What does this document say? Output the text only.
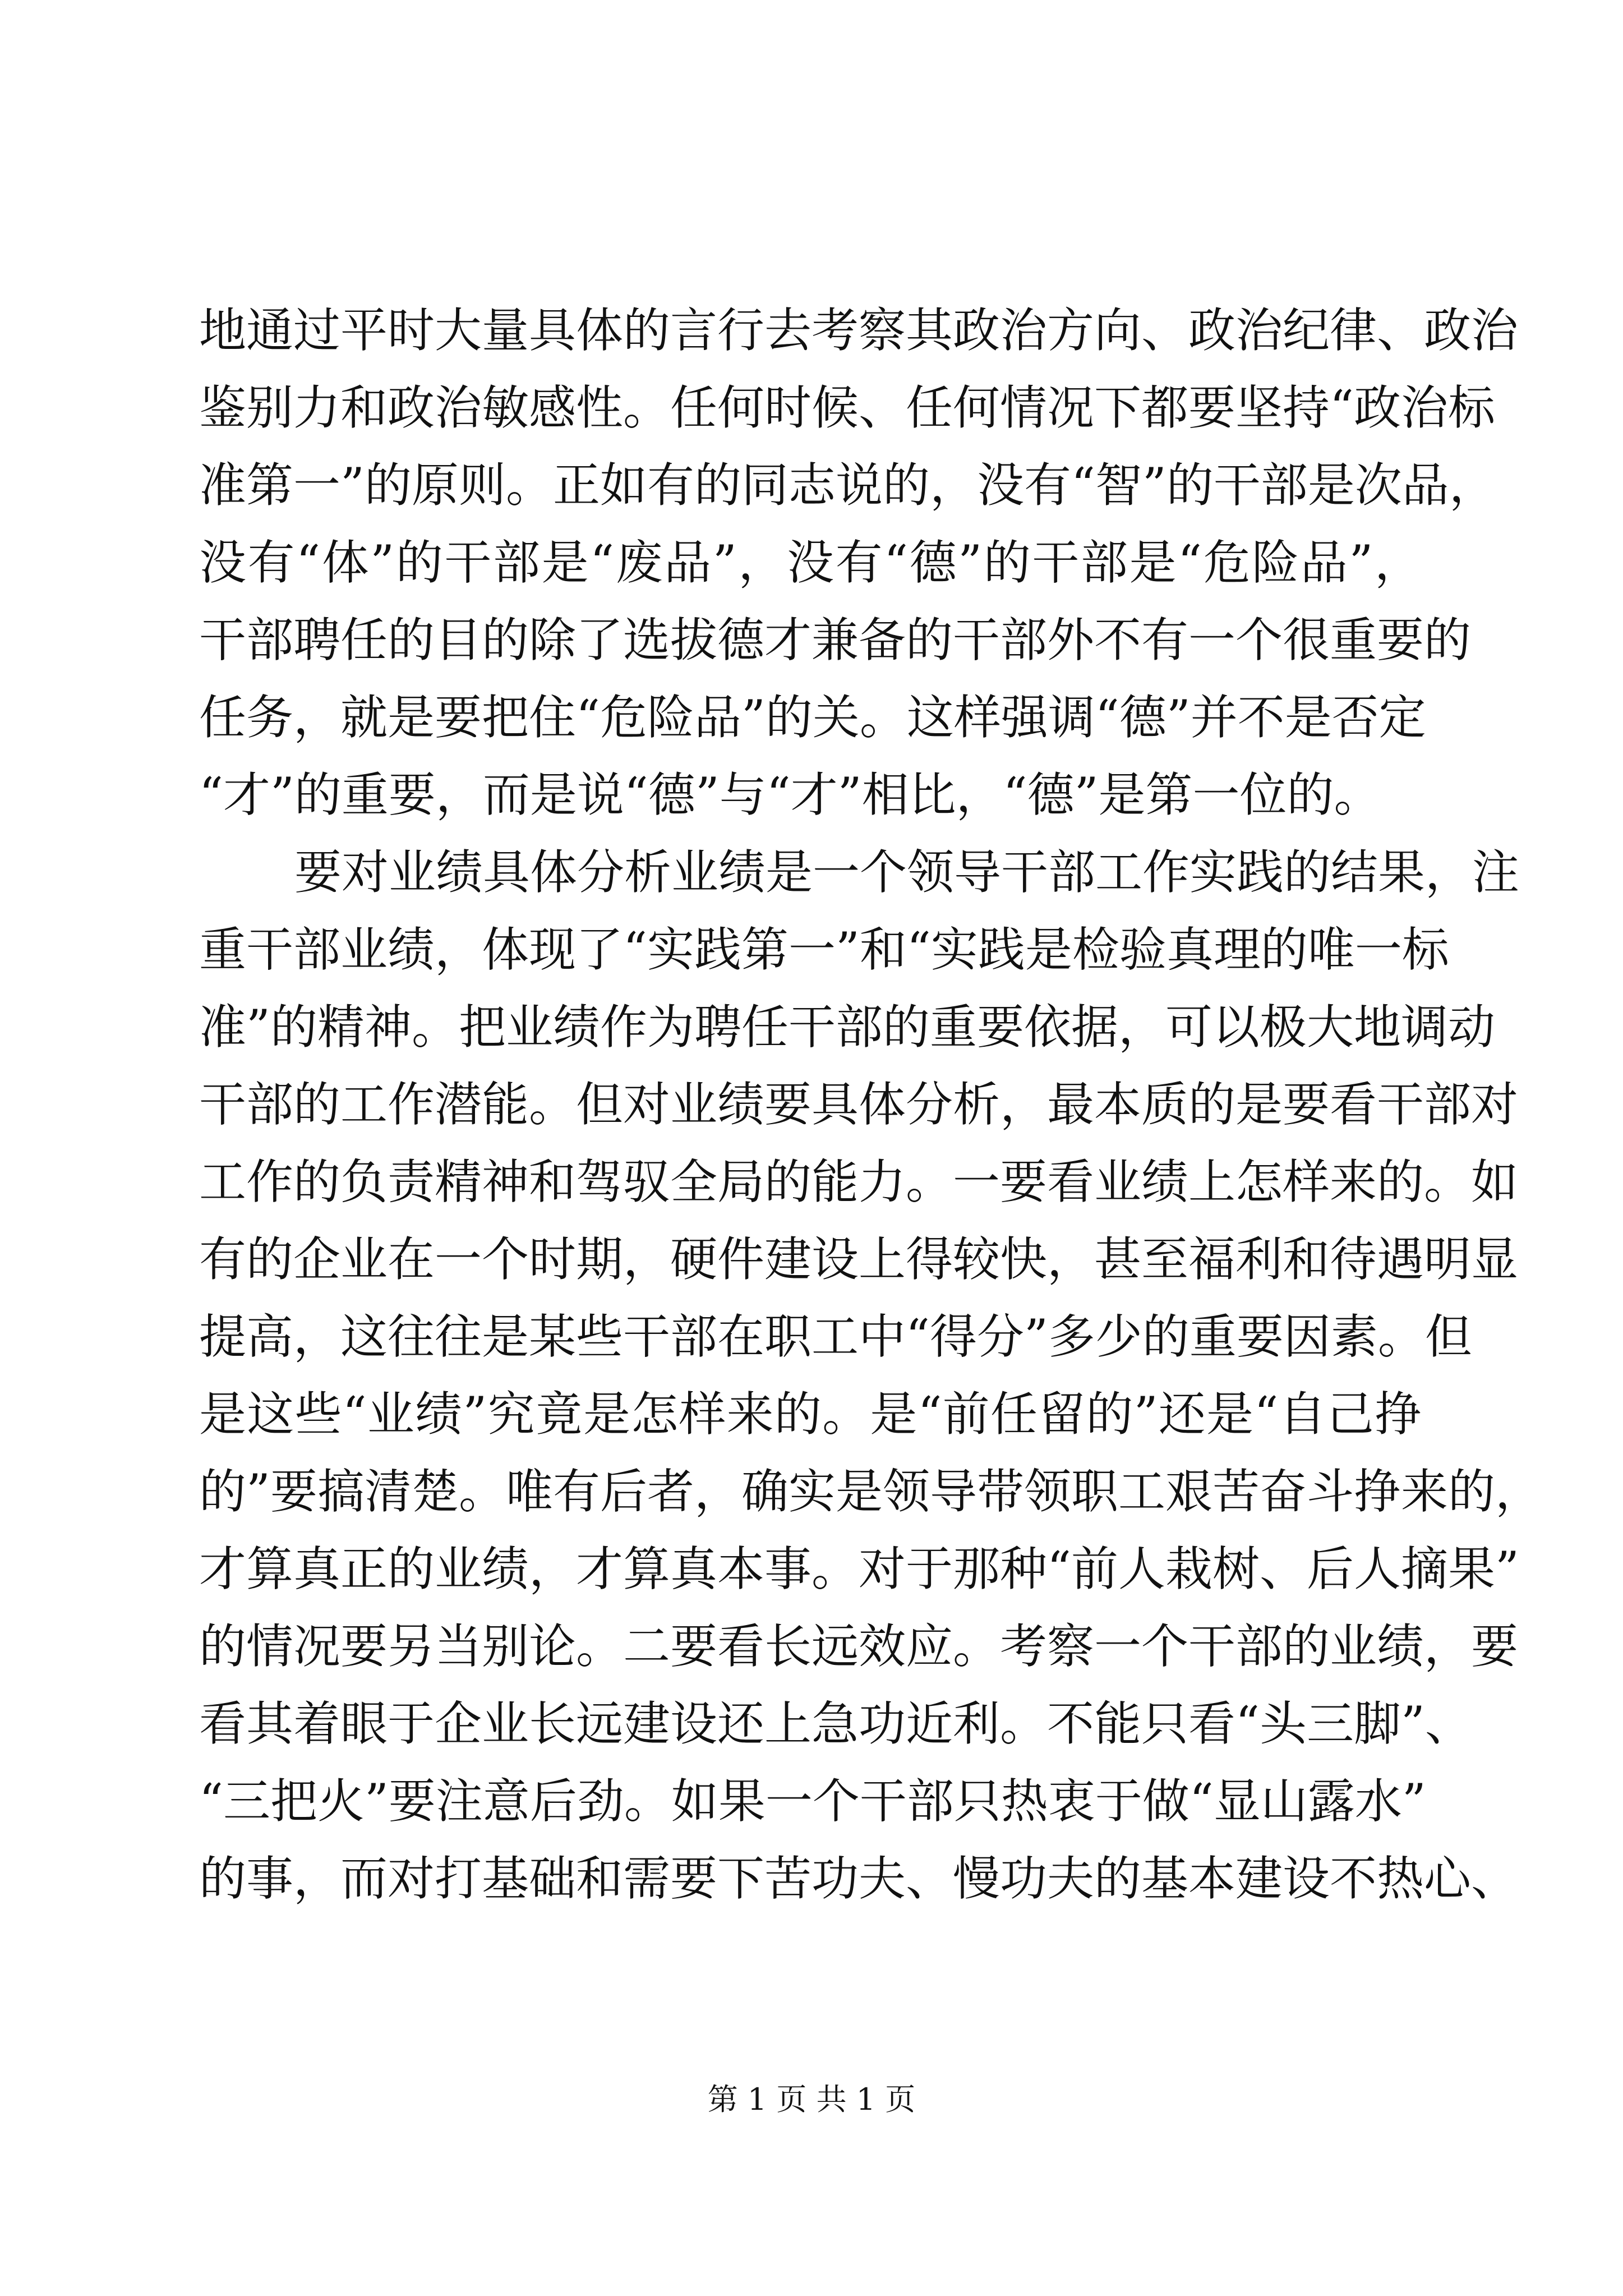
地通过平时大量具体的言行去考察其政治方向、政治纪律、政治
鉴别力和政治敏感性。任何时候、任何情况下都要坚持“政治标
准第一”的原则。正如有的同志说的，没有“智”的干部是次品，
没有“体”的干部是“废品”，没有“德”的干部是“危险品”，
干部聘任的目的除了选拔德才兼备的干部外不有一个很重要的
任务，就是要把住“危险品”的关。这样强调“德”并不是否定
“才”的重要，而是说“德”与“才”相比，“德”是第一位的。
要对业绩具体分析业绩是一个领导干部工作实践的结果，注
重干部业绩，体现了“实践第一”和“实践是检验真理的唯一标
准”的精神。把业绩作为聘任干部的重要依据，可以极大地调动
干部的工作潜能。但对业绩要具体分析，最本质的是要看干部对
工作的负责精神和驾驭全局的能力。一要看业绩上怎样来的。如
有的企业在一个时期，硬件建设上得较快，甚至福利和待遇明显
提高，这往往是某些干部在职工中“得分”多少的重要因素。但
是这些“业绩”究竟是怎样来的。是“前任留的”还是“自己挣
的”要搞清楚。唯有后者，确实是领导带领职工艰苦奋斗挣来的，
才算真正的业绩，才算真本事。对于那种“前人栽树、后人摘果”
的情况要另当别论。二要看长远效应。考察一个干部的业绩，要
看其着眼于企业长远建设还上急功近利。不能只看“头三脚”、
“三把火”要注意后劲。如果一个干部只热衷于做“显山露水”
的事，而对打基础和需要下苦功夫、慢功夫的基本建设不热心、
第 1 页 共 1 页
